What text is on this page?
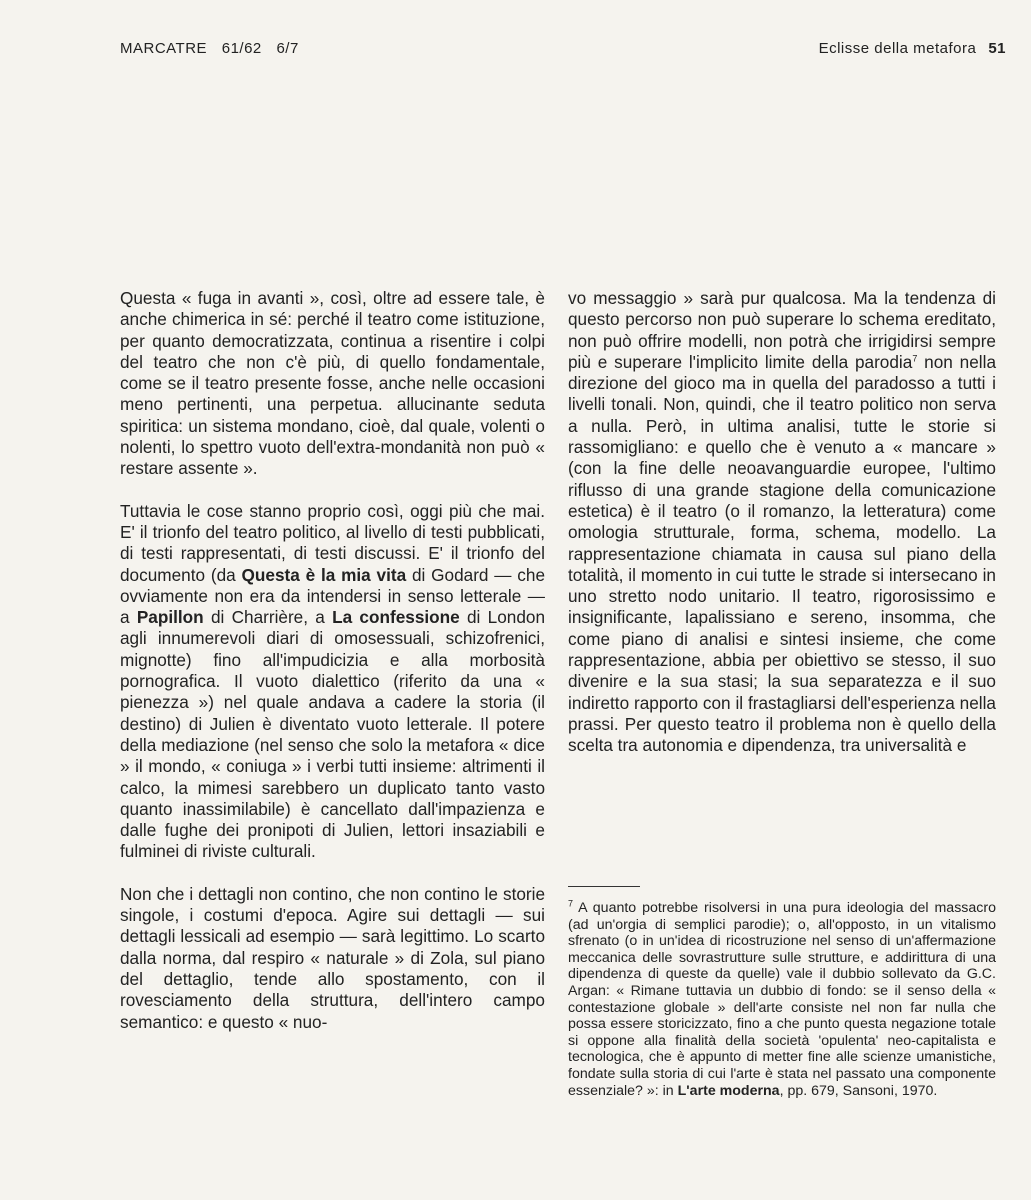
MARCATRE 61/62 6/7	Eclisse della metafora 51

Questa « fuga in avanti », così, oltre ad essere tale, è anche chimerica in sé: perché il teatro come istituzione, per quanto democratizzata, continua a risentire i colpi del teatro che non c'è più, di quello fondamentale, come se il teatro presente fosse, anche nelle occasioni meno pertinenti, una perpetua. allucinante seduta spiritica: un sistema mondano, cioè, dal quale, volenti o nolenti, lo spettro vuoto dell'extra-mondanità non può « restare assente ».

Tuttavia le cose stanno proprio così, oggi più che mai. E' il trionfo del teatro politico, al livello di testi pubblicati, di testi rappresentati, di testi discussi. E' il trionfo del documento (da Questa è la mia vita di Godard — che ovviamente non era da intendersi in senso letterale — a Papillon di Charrière, a La confessione di London agli innumerevoli diari di omosessuali, schizofrenici, mignotte) fino all'impudicizia e alla morbosità pornografica. Il vuoto dialettico (riferito da una « pienezza ») nel quale andava a cadere la storia (il destino) di Julien è diventato vuoto letterale. Il potere della mediazione (nel senso che solo la metafora « dice » il mondo, « coniuga » i verbi tutti insieme: altrimenti il calco, la mimesi sarebbero un duplicato tanto vasto quanto inassimilabile) è cancellato dall'impazienza e dalle fughe dei pronipoti di Julien, lettori insaziabili e fulminei di riviste culturali.

Non che i dettagli non contino, che non contino le storie singole, i costumi d'epoca. Agire sui dettagli — sui dettagli lessicali ad esempio — sarà legittimo. Lo scarto dalla norma, dal respiro « naturale » di Zola, sul piano del dettaglio, tende allo spostamento, con il rovesciamento della struttura, dell'intero campo semantico: e questo « nuo-

vo messaggio » sarà pur qualcosa. Ma la tendenza di questo percorso non può superare lo schema ereditato, non può offrire modelli, non potrà che irrigidirsi sempre più e superare l'implicito limite della parodia$^7$ non nella direzione del gioco ma in quella del paradosso a tutti i livelli tonali. Non, quindi, che il teatro politico non serva a nulla. Però, in ultima analisi, tutte le storie si rassomigliano: e quello che è venuto a « mancare » (con la fine delle neoavanguardie europee, l'ultimo riflusso di una grande stagione della comunicazione estetica) è il teatro (o il romanzo, la letteratura) come omologia strutturale, forma, schema, modello. La rappresentazione chiamata in causa sul piano della totalità, il momento in cui tutte le strade si intersecano in uno stretto nodo unitario. Il teatro, rigorosissimo e insignificante, lapalissiano e sereno, insomma, che come piano di analisi e sintesi insieme, che come rappresentazione, abbia per obiettivo se stesso, il suo divenire e la sua stasi; la sua separatezza e il suo indiretto rapporto con il frastagliarsi dell'esperienza nella prassi. Per questo teatro il problema non è quello della scelta tra autonomia e dipendenza, tra universalità e

$^7$ A quanto potrebbe risolversi in una pura ideologia del massacro (ad un'orgia di semplici parodie); o, all'opposto, in un vitalismo sfrenato (o in un'idea di ricostruzione nel senso di un'affermazione meccanica delle sovrastrutture sulle strutture, e addirittura di una dipendenza di queste da quelle) vale il dubbio sollevato da G.C. Argan: « Rimane tuttavia un dubbio di fondo: se il senso della « contestazione globale » dell'arte consiste nel non far nulla che possa essere storicizzato, fino a che punto questa negazione totale si oppone alla finalità della società 'opulenta' neo-capitalista e tecnologica, che è appunto di metter fine alle scienze umanistiche, fondate sulla storia di cui l'arte è stata nel passato una componente essenziale? »: in L'arte moderna, pp. 679, Sansoni, 1970.
